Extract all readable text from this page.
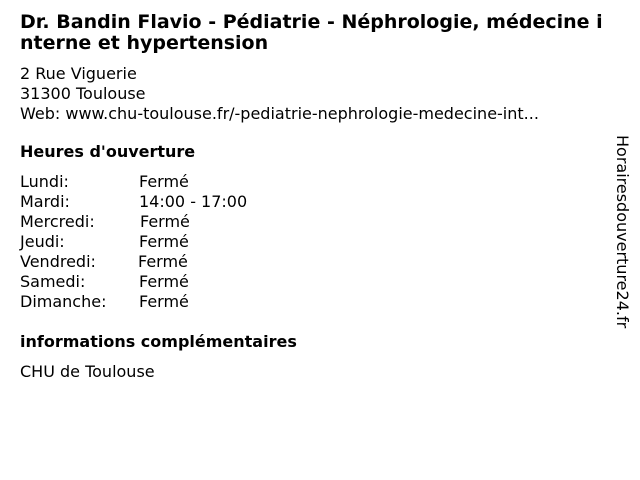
Dr. Bandin Flavio - Pédiatrie - Néphrologie, médecine interne et hypertension
2 Rue Viguerie
31300 Toulouse
Web: www.chu-toulouse.fr/-pediatrie-nephrologie-medecine-int...
Heures d'ouverture
Lundi:	Fermé
Mardi:	14:00 - 17:00
Mercredi:	Fermé
Jeudi:	Fermé
Vendredi:	Fermé
Samedi:	Fermé
Dimanche:	Fermé
informations complémentaires
CHU de Toulouse
Horairesdouverture24.fr
